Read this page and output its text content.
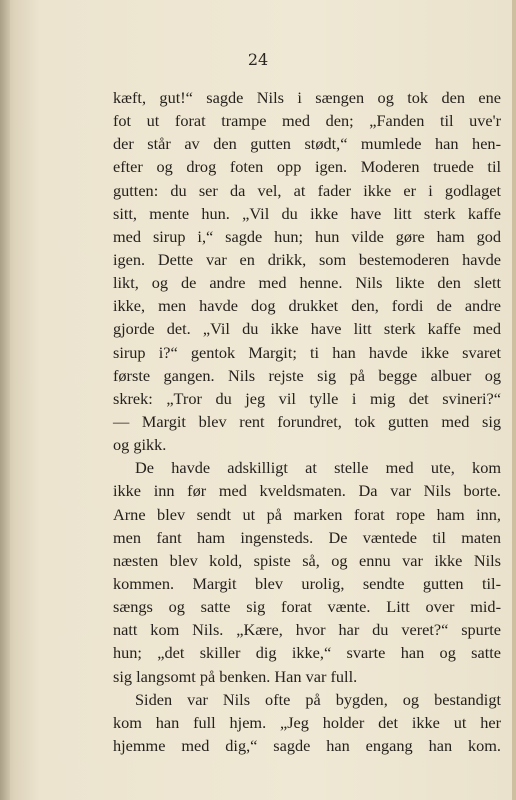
24
kæft, gut!“ sagde Nils i sængen og tok den ene
fot ut forat trampe med den; „Fanden til uve'r
der står av den gutten stødt,“ mumlede han hen-
efter og drog foten opp igen. Moderen truede til
gutten: du ser da vel, at fader ikke er i godlaget
sitt, mente hun. „Vil du ikke have litt sterk kaffe
med sirup i,“ sagde hun; hun vilde gøre ham god
igen. Dette var en drikk, som bestemoderen havde
likt, og de andre med henne. Nils likte den slett
ikke, men havde dog drukket den, fordi de andre
gjorde det. „Vil du ikke have litt sterk kaffe med
sirup i?“ gentok Margit; ti han havde ikke svaret
første gangen. Nils rejste sig på begge albuer og
skrek: „Tror du jeg vil tylle i mig det svineri?“
— Margit blev rent forundret, tok gutten med sig
og gikk.
De havde adskilligt at stelle med ute, kom
ikke inn før med kveldsmaten. Da var Nils borte.
Arne blev sendt ut på marken forat rope ham inn,
men fant ham ingensteds. De væntede til maten
næsten blev kold, spiste så, og ennu var ikke Nils
kommen. Margit blev urolig, sendte gutten til-
sængs og satte sig forat vænte. Litt over mid-
natt kom Nils. „Kære, hvor har du veret?“ spurte
hun; „det skiller dig ikke,“ svarte han og satte
sig langsomt på benken. Han var full.
Siden var Nils ofte på bygden, og bestandigt
kom han full hjem. „Jeg holder det ikke ut her
hjemme med dig,“ sagde han engang han kom.
